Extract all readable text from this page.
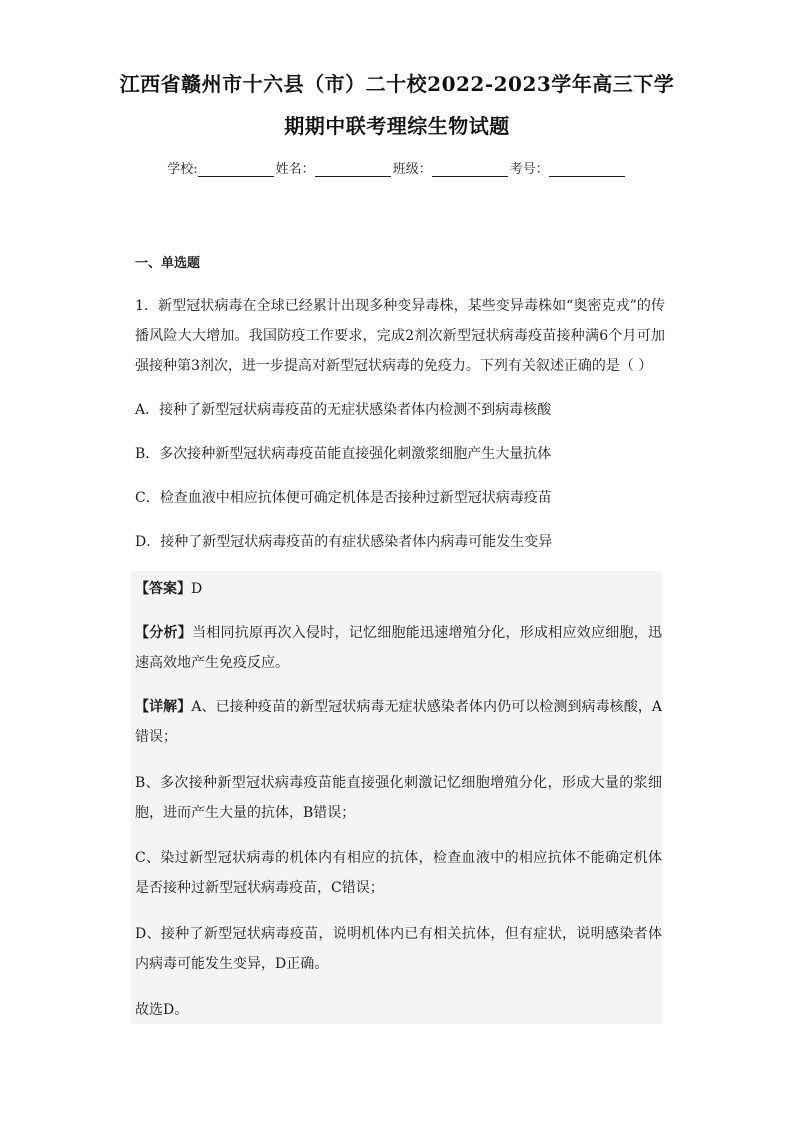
江西省赣州市十六县（市）二十校2022-2023学年高三下学
期期中联考理综生物试题
学校:	姓名：	班级：	考号：
一、单选题
1．新型冠状病毒在全球已经累计出现多种变异毒株，某些变异毒株如“奥密克戎”的传播风险大大增加。我国防疫工作要求，完成2剂次新型冠状病毒疫苗接种满6个月可加强接种第3剂次，进一步提高对新型冠状病毒的免疫力。下列有关叙述正确的是（ ）
A．接种了新型冠状病毒疫苗的无症状感染者体内检测不到病毒核酸
B．多次接种新型冠状病毒疫苗能直接强化刺激浆细胞产生大量抗体
C．检查血液中相应抗体便可确定机体是否接种过新型冠状病毒疫苗
D．接种了新型冠状病毒疫苗的有症状感染者体内病毒可能发生变异
【答案】D
【分析】当相同抗原再次入侵时，记忆细胞能迅速增殖分化，形成相应效应细胞，迅速高效地产生免疫反应。
【详解】A、已接种疫苗的新型冠状病毒无症状感染者体内仍可以检测到病毒核酸，A错误；
B、多次接种新型冠状病毒疫苗能直接强化刺激记忆细胞增殖分化，形成大量的浆细胞，进而产生大量的抗体，B错误；
C、染过新型冠状病毒的机体内有相应的抗体，检查血液中的相应抗体不能确定机体是否接种过新型冠状病毒疫苗，C错误；
D、接种了新型冠状病毒疫苗，说明机体内已有相关抗体，但有症状，说明感染者体内病毒可能发生变异，D正确。
故选D。
